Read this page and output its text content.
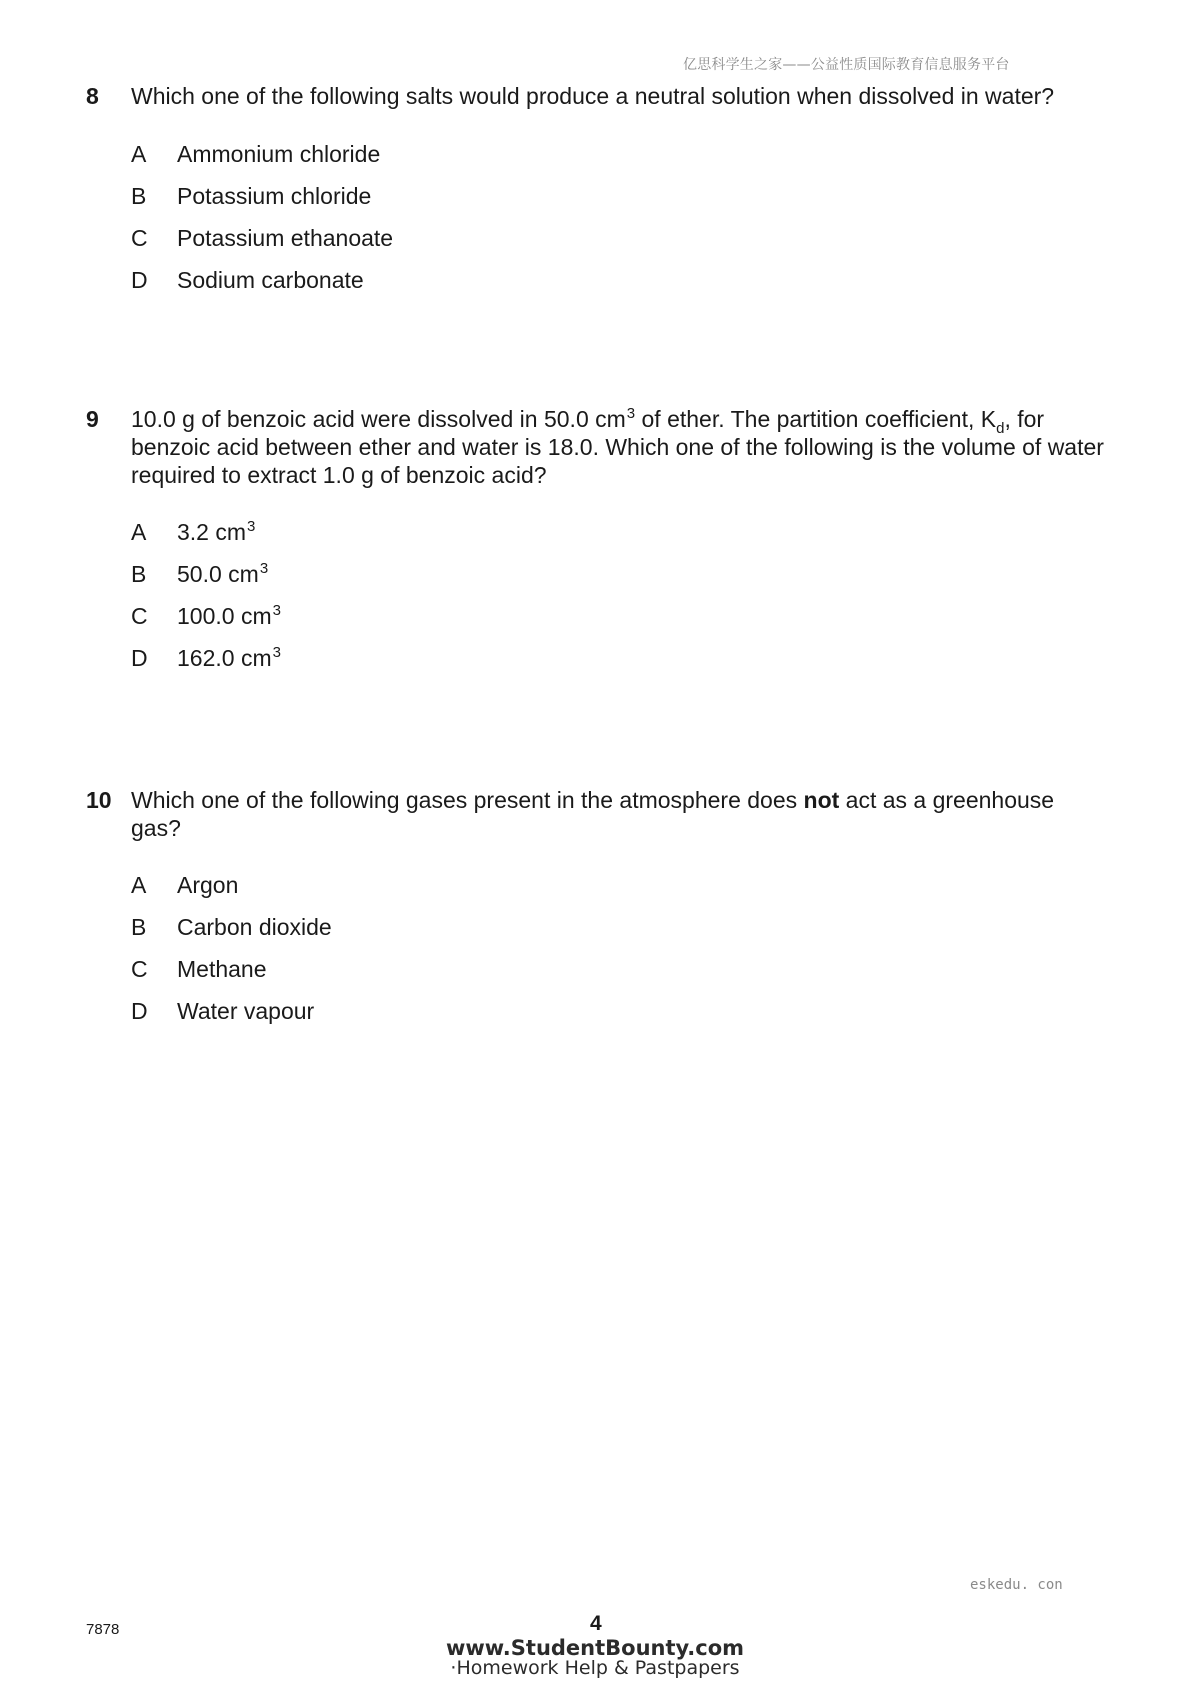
亿思科学生之家——公益性质国际教育信息服务平台
8 Which one of the following salts would produce a neutral solution when dissolved in water?
A Ammonium chloride
B Potassium chloride
C Potassium ethanoate
D Sodium carbonate
9 10.0 g of benzoic acid were dissolved in 50.0 $cm^3$ of ether. The partition coefficient, $K_d$, for benzoic acid between ether and water is 18.0. Which one of the following is the volume of water required to extract 1.0 g of benzoic acid?
A 3.2 $cm^3$
B 50.0 $cm^3$
C 100.0 $cm^3$
D 162.0 $cm^3$
10 Which one of the following gases present in the atmosphere does not act as a greenhouse gas?
A Argon
B Carbon dioxide
C Methane
D Water vapour
eskedu. con
7878	4
www.StudentBounty.com
·Homework Help & Pastpapers
